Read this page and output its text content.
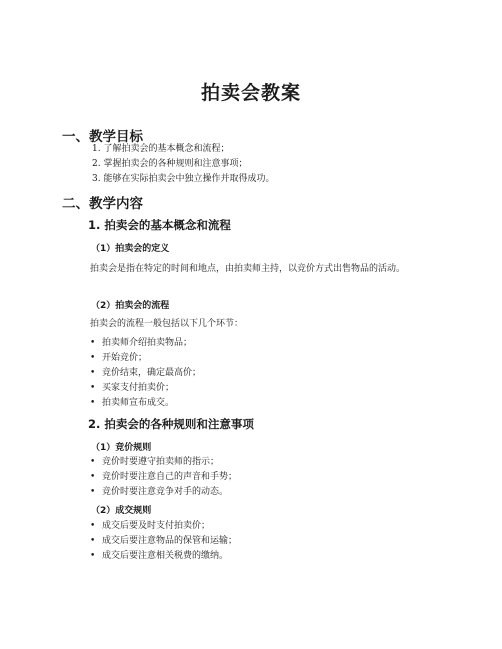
拍卖会教案
一、教学目标
1. 了解拍卖会的基本概念和流程；
2. 掌握拍卖会的各种规则和注意事项；
3. 能够在实际拍卖会中独立操作并取得成功。
二、教学内容
1. 拍卖会的基本概念和流程
（1）拍卖会的定义
拍卖会是指在特定的时间和地点，由拍卖师主持，以竞价方式出售物品的活动。
（2）拍卖会的流程
拍卖会的流程一般包括以下几个环节：
• 拍卖师介绍拍卖物品；
• 开始竞价；
• 竞价结束，确定最高价；
• 买家支付拍卖价；
• 拍卖师宣布成交。
2. 拍卖会的各种规则和注意事项
（1）竞价规则
• 竞价时要遵守拍卖师的指示；
• 竞价时要注意自己的声音和手势；
• 竞价时要注意竞争对手的动态。
（2）成交规则
• 成交后要及时支付拍卖价；
• 成交后要注意物品的保管和运输；
• 成交后要注意相关税费的缴纳。
